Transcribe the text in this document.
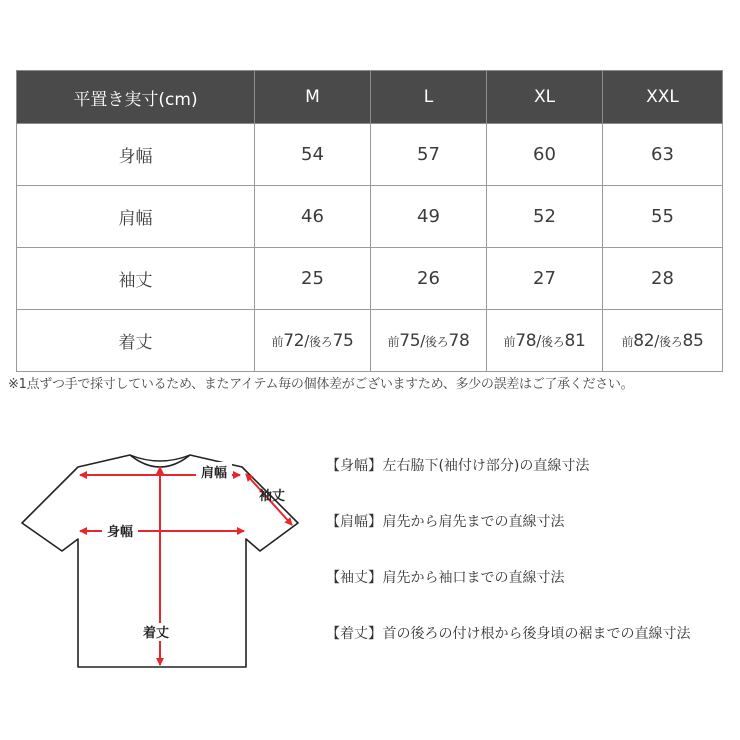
平置き実寸(cm)	M	L	XL	XXL
身幅	54	57	60	63
肩幅	46	49	52	55
袖丈	25	26	27	28
着丈	前72/後ろ75	前75/後ろ78	前78/後ろ81	前82/後ろ85
※1点ずつ手で採寸しているため、またアイテム毎の個体差がございますため、多少の誤差はご了承ください。
肩幅
袖丈
身幅
着丈
【身幅】 左右脇下(袖付け部分)の直線寸法
【肩幅】 肩先から肩先までの直線寸法
【袖丈】 肩先から袖口までの直線寸法
【着丈】 首の後ろの付け根から後身頃の裾までの直線寸法
